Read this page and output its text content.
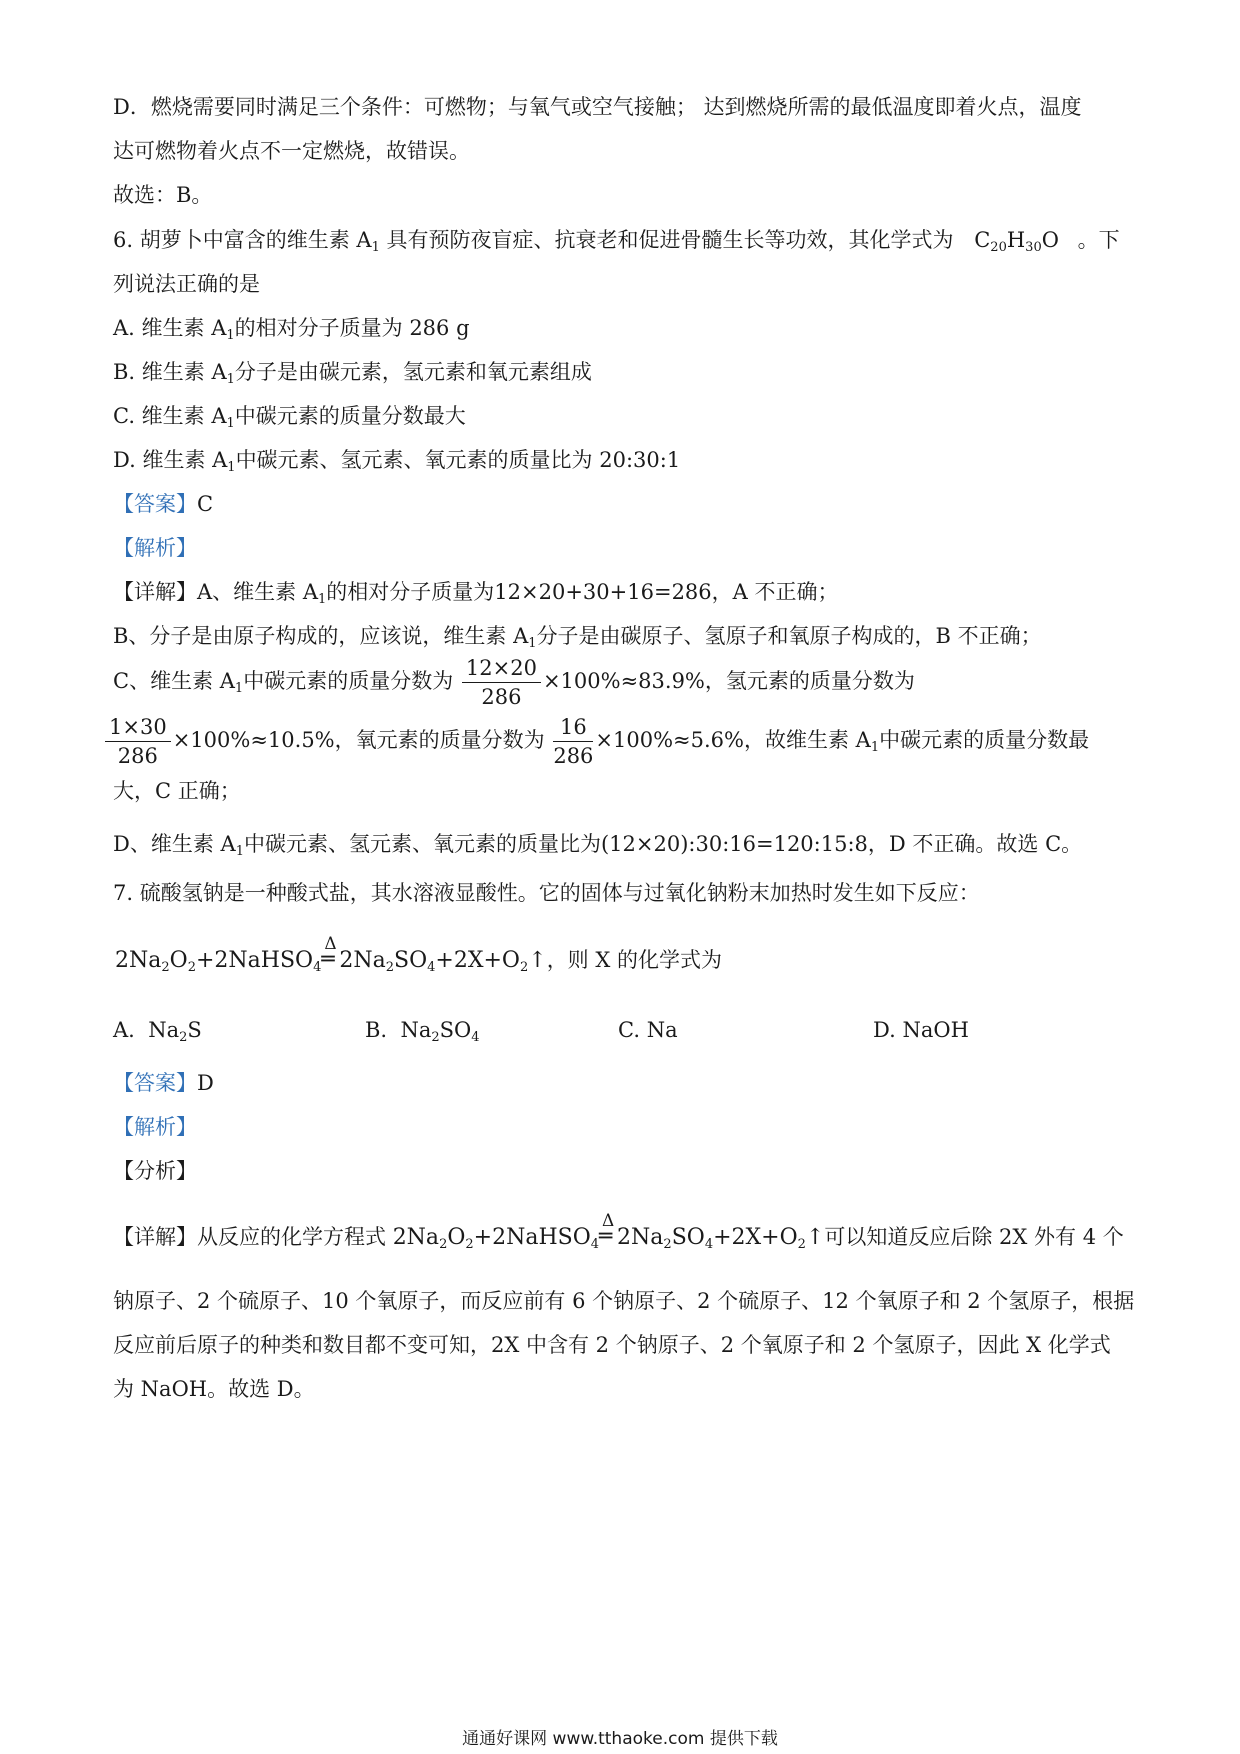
D．燃烧需要同时满足三个条件：可燃物；与氧气或空气接触； 达到燃烧所需的最低温度即着火点，温度
达可燃物着火点不一定燃烧，故错误。
故选：B。
6. 胡萝卜中富含的维生素 $A_1$ 具有预防夜盲症、抗衰老和促进骨髓生长等功效，其化学式为 $C_{20}H_{30}O$ 。下
列说法正确的是
A. 维生素 $A_1$的相对分子质量为 286 g
B. 维生素 $A_1$分子是由碳元素，氢元素和氧元素组成
C. 维生素 $A_1$中碳元素的质量分数最大
D. 维生素 $A_1$中碳元素、氢元素、氧元素的质量比为 20:30:1
【答案】C
【解析】
【详解】A、维生素 $A_1$的相对分子质量为12×20+30+16=286，A 不正确；
B、分子是由原子构成的，应该说，维生素 $A_1$分子是由碳原子、氢原子和氧原子构成的，B 不正确；
C、维生素 $A_1$中碳元素的质量分数为 $\frac{12\times 20}{286} \times 100\%\approx 83.9\%$，氢元素的质量分数为
$\frac{1\times 30}{286} \times 100\%\approx 10.5\%$，氧元素的质量分数为 $\frac{16}{286} \times 100\%\approx 5.6\%$，故维生素 $A_1$中碳元素的质量分数最
大，C 正确；
D、维生素 $A_1$中碳元素、氢元素、氧元素的质量比为(12×20):30:16=120:15:8，D 不正确。故选 C。
7. 硫酸氢钠是一种酸式盐，其水溶液显酸性。它的固体与过氧化钠粉末加热时发生如下反应：
$2Na_2O_2+2NaHSO_4$
Δ
═ $2Na_2SO_4+2X+O_2↑$，则 X 的化学式为
A. $Na_2S$	B. $Na_2SO_4$	C. Na	D. NaOH
【答案】D
【解析】
【分析】
【详解】从反应的化学方程式 $2Na_2O_2+2NaHSO_4$
Δ
═ $2Na_2SO_4+2X+O_2↑$可以知道反应后除 2X 外有 4 个
钠原子、2 个硫原子、10 个氧原子，而反应前有 6 个钠原子、2 个硫原子、12 个氧原子和 2 个氢原子，根据
反应前后原子的种类和数目都不变可知，2X 中含有 2 个钠原子、2 个氧原子和 2 个氢原子，因此 X 化学式
为 NaOH。故选 D。
通通好课网 www.tthaoke.com 提供下载
